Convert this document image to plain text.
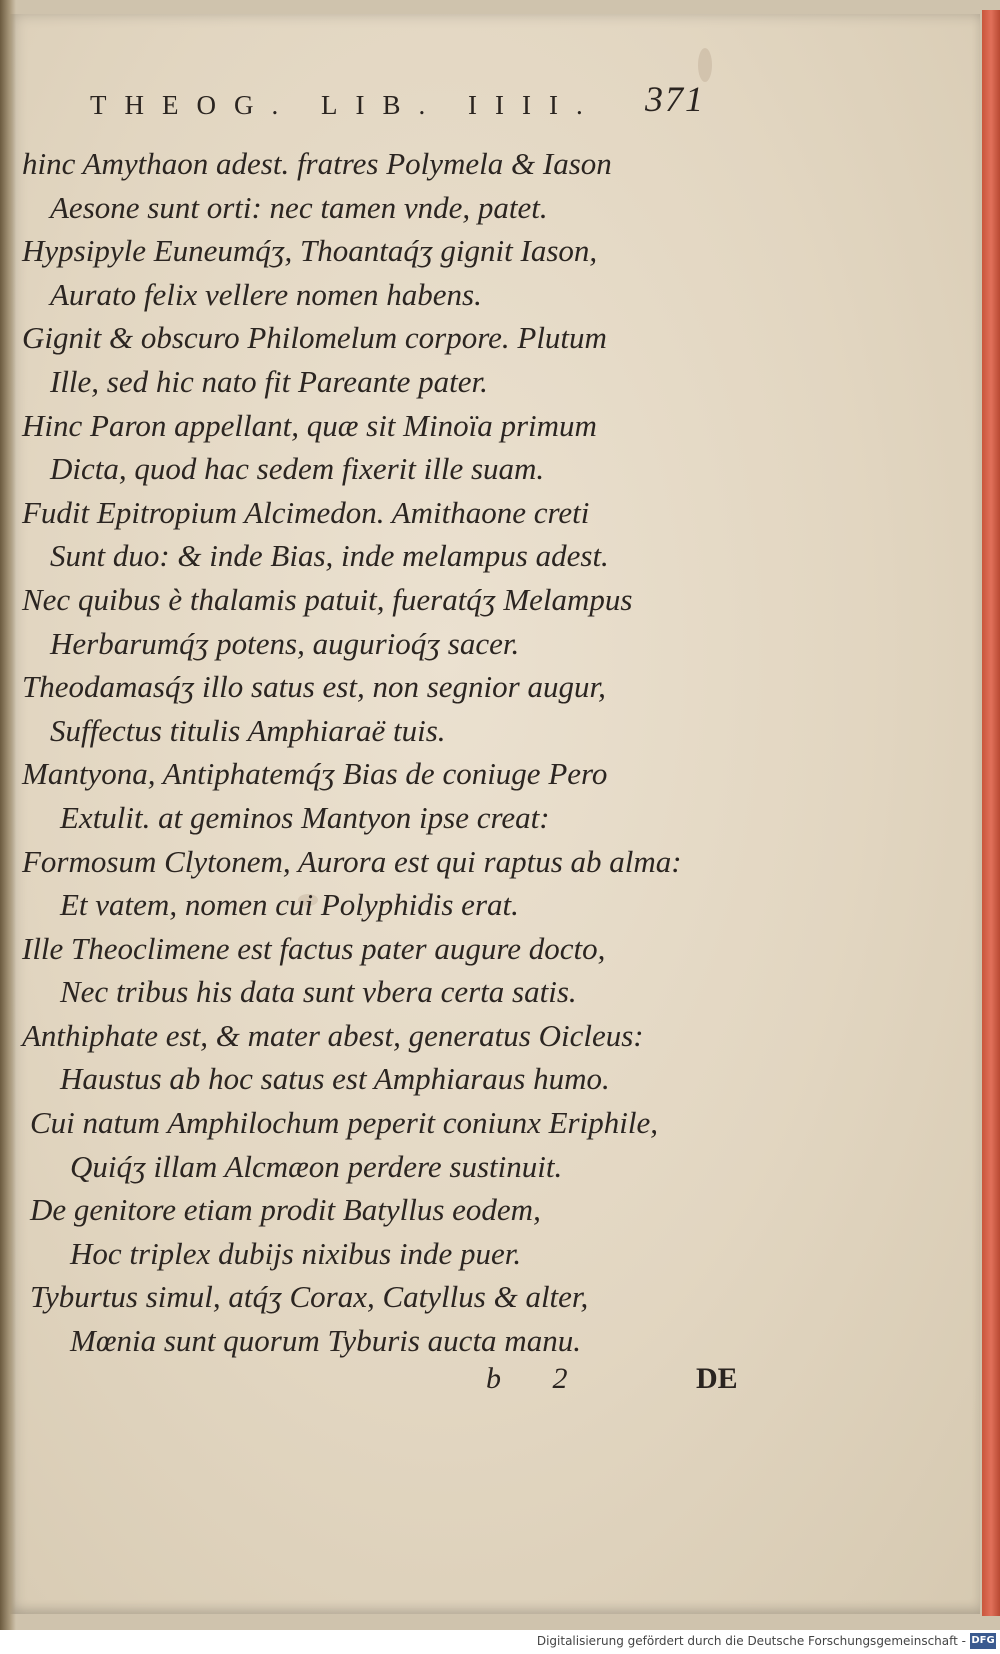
THEOG. LIB. IIII. 371
hinc Amythaon adest. fratres Polymela & Iason
Aesone sunt orti: nec tamen vnde, patet.
Hypsipyle Euneumq́ʒ, Thoantaq́ʒ gignit Iason,
Aurato felix vellere nomen habens.
Gignit & obscuro Philomelum corpore. Plutum
Ille, sed hic nato fit Pareante pater.
Hinc Paron appellant, quæ sit Minoïa primum
Dicta, quod hac sedem fixerit ille suam.
Fudit Epitropium Alcimedon. Amithaone creti
Sunt duo: & inde Bias, inde melampus adest.
Nec quibus è thalamis patuit, fueratq́ʒ Melampus
Herbarumq́ʒ potens, augurioq́ʒ sacer.
Theodamasq́ʒ illo satus est, non segnior augur,
Suffectus titulis Amphiaraë tuis.
Mantyona, Antiphatemq́ʒ Bias de coniuge Pero
Extulit. at geminos Mantyon ipse creat:
Formosum Clytonem, Aurora est qui raptus ab alma:
Et vatem, nomen cui Polyphidis erat.
Ille Theoclimene est factus pater augure docto,
Nec tribus his data sunt vbera certa satis.
Anthiphate est, & mater abest, generatus Oicleus:
Haustus ab hoc satus est Amphiaraus humo.
Cui natum Amphilochum peperit coniunx Eriphile,
Quiq́ʒ illam Alcmæon perdere sustinuit.
De genitore etiam prodit Batyllus eodem,
Hoc triplex dubijs nixibus inde puer.
Tyburtus simul, atq́ʒ Corax, Catyllus & alter,
Mœnia sunt quorum Tyburis aucta manu.
b 2	DE
Digitalisierung gefördert durch die Deutsche Forschungsgemeinschaft - DFG
